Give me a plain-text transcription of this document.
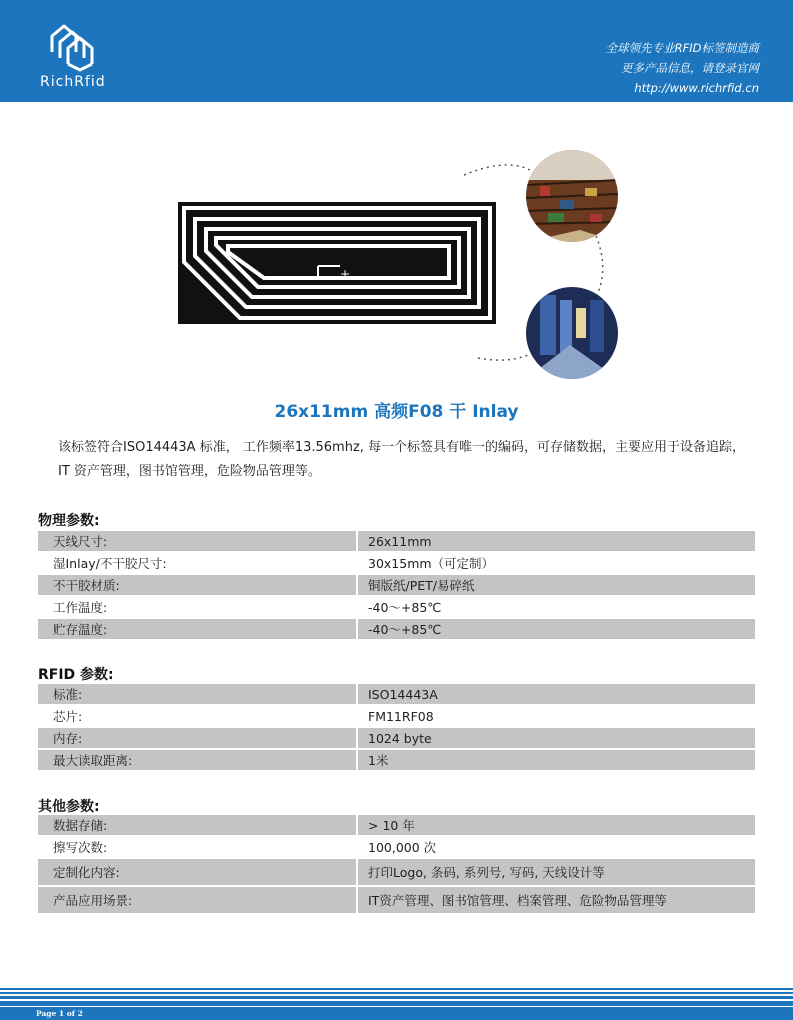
RichRfid
全球领先专业RFID标签制造商
更多产品信息，请登录官网
http://www.richrfid.cn
+
26x11mm 高频F08 干 Inlay
该标签符合ISO14443A 标准， 工作频率13.56mhz, 每一个标签具有唯一的编码，可存储数据，主要应用于设备追踪，IT 资产管理，图书馆管理，危险物品管理等。
物理参数:
天线尺寸:	26x11mm
湿Inlay/不干胶尺寸:	30x15mm（可定制）
不干胶材质:	铜版纸/PET/易碎纸
工作温度:	-40～+85℃
贮存温度:	-40～+85℃
RFID 参数:
标准:	ISO14443A
芯片:	FM11RF08
内存:	1024 byte
最大读取距离:	1米
其他参数:
数据存储:	> 10 年
擦写次数:	100,000 次
定制化内容:	打印Logo, 条码, 系列号, 写码, 天线设计等
产品应用场景:	IT资产管理、图书馆管理、档案管理、危险物品管理等
Page 1 of 2
